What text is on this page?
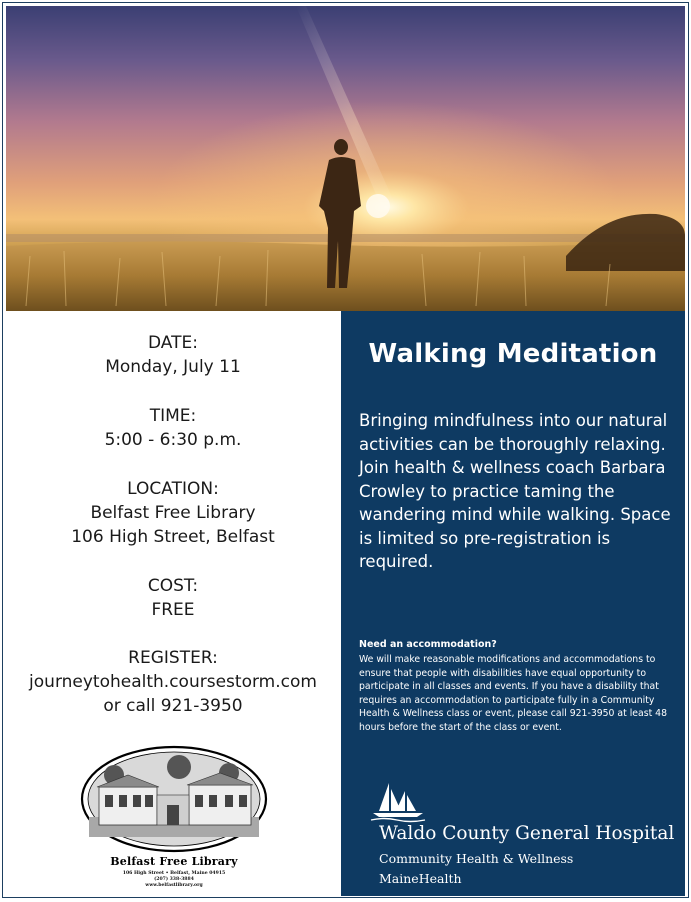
DATE:
Monday, July 11
TIME:
5:00 - 6:30 p.m.
LOCATION:
Belfast Free Library
106 High Street, Belfast
COST:
FREE
REGISTER:
journeytohealth.coursestorm.com
or call 921-3950
Belfast Free Library
106 High Street • Belfast, Maine 04915
(207) 338-3884
www.belfastlibrary.org
Walking Meditation
Bringing mindfulness into our natural activities can be thoroughly relaxing. Join health & wellness coach Barbara Crowley to practice taming the wandering mind while walking. Space is limited so pre-registration is required.
Need an accommodation?
We will make reasonable modifications and accommodations to ensure that people with disabilities have equal opportunity to participate in all classes and events. If you have a disability that requires an accommodation to participate fully in a Community Health & Wellness class or event, please call 921-3950 at least 48 hours before the start of the class or event.
Waldo County General Hospital
Community Health & Wellness
MaineHealth
